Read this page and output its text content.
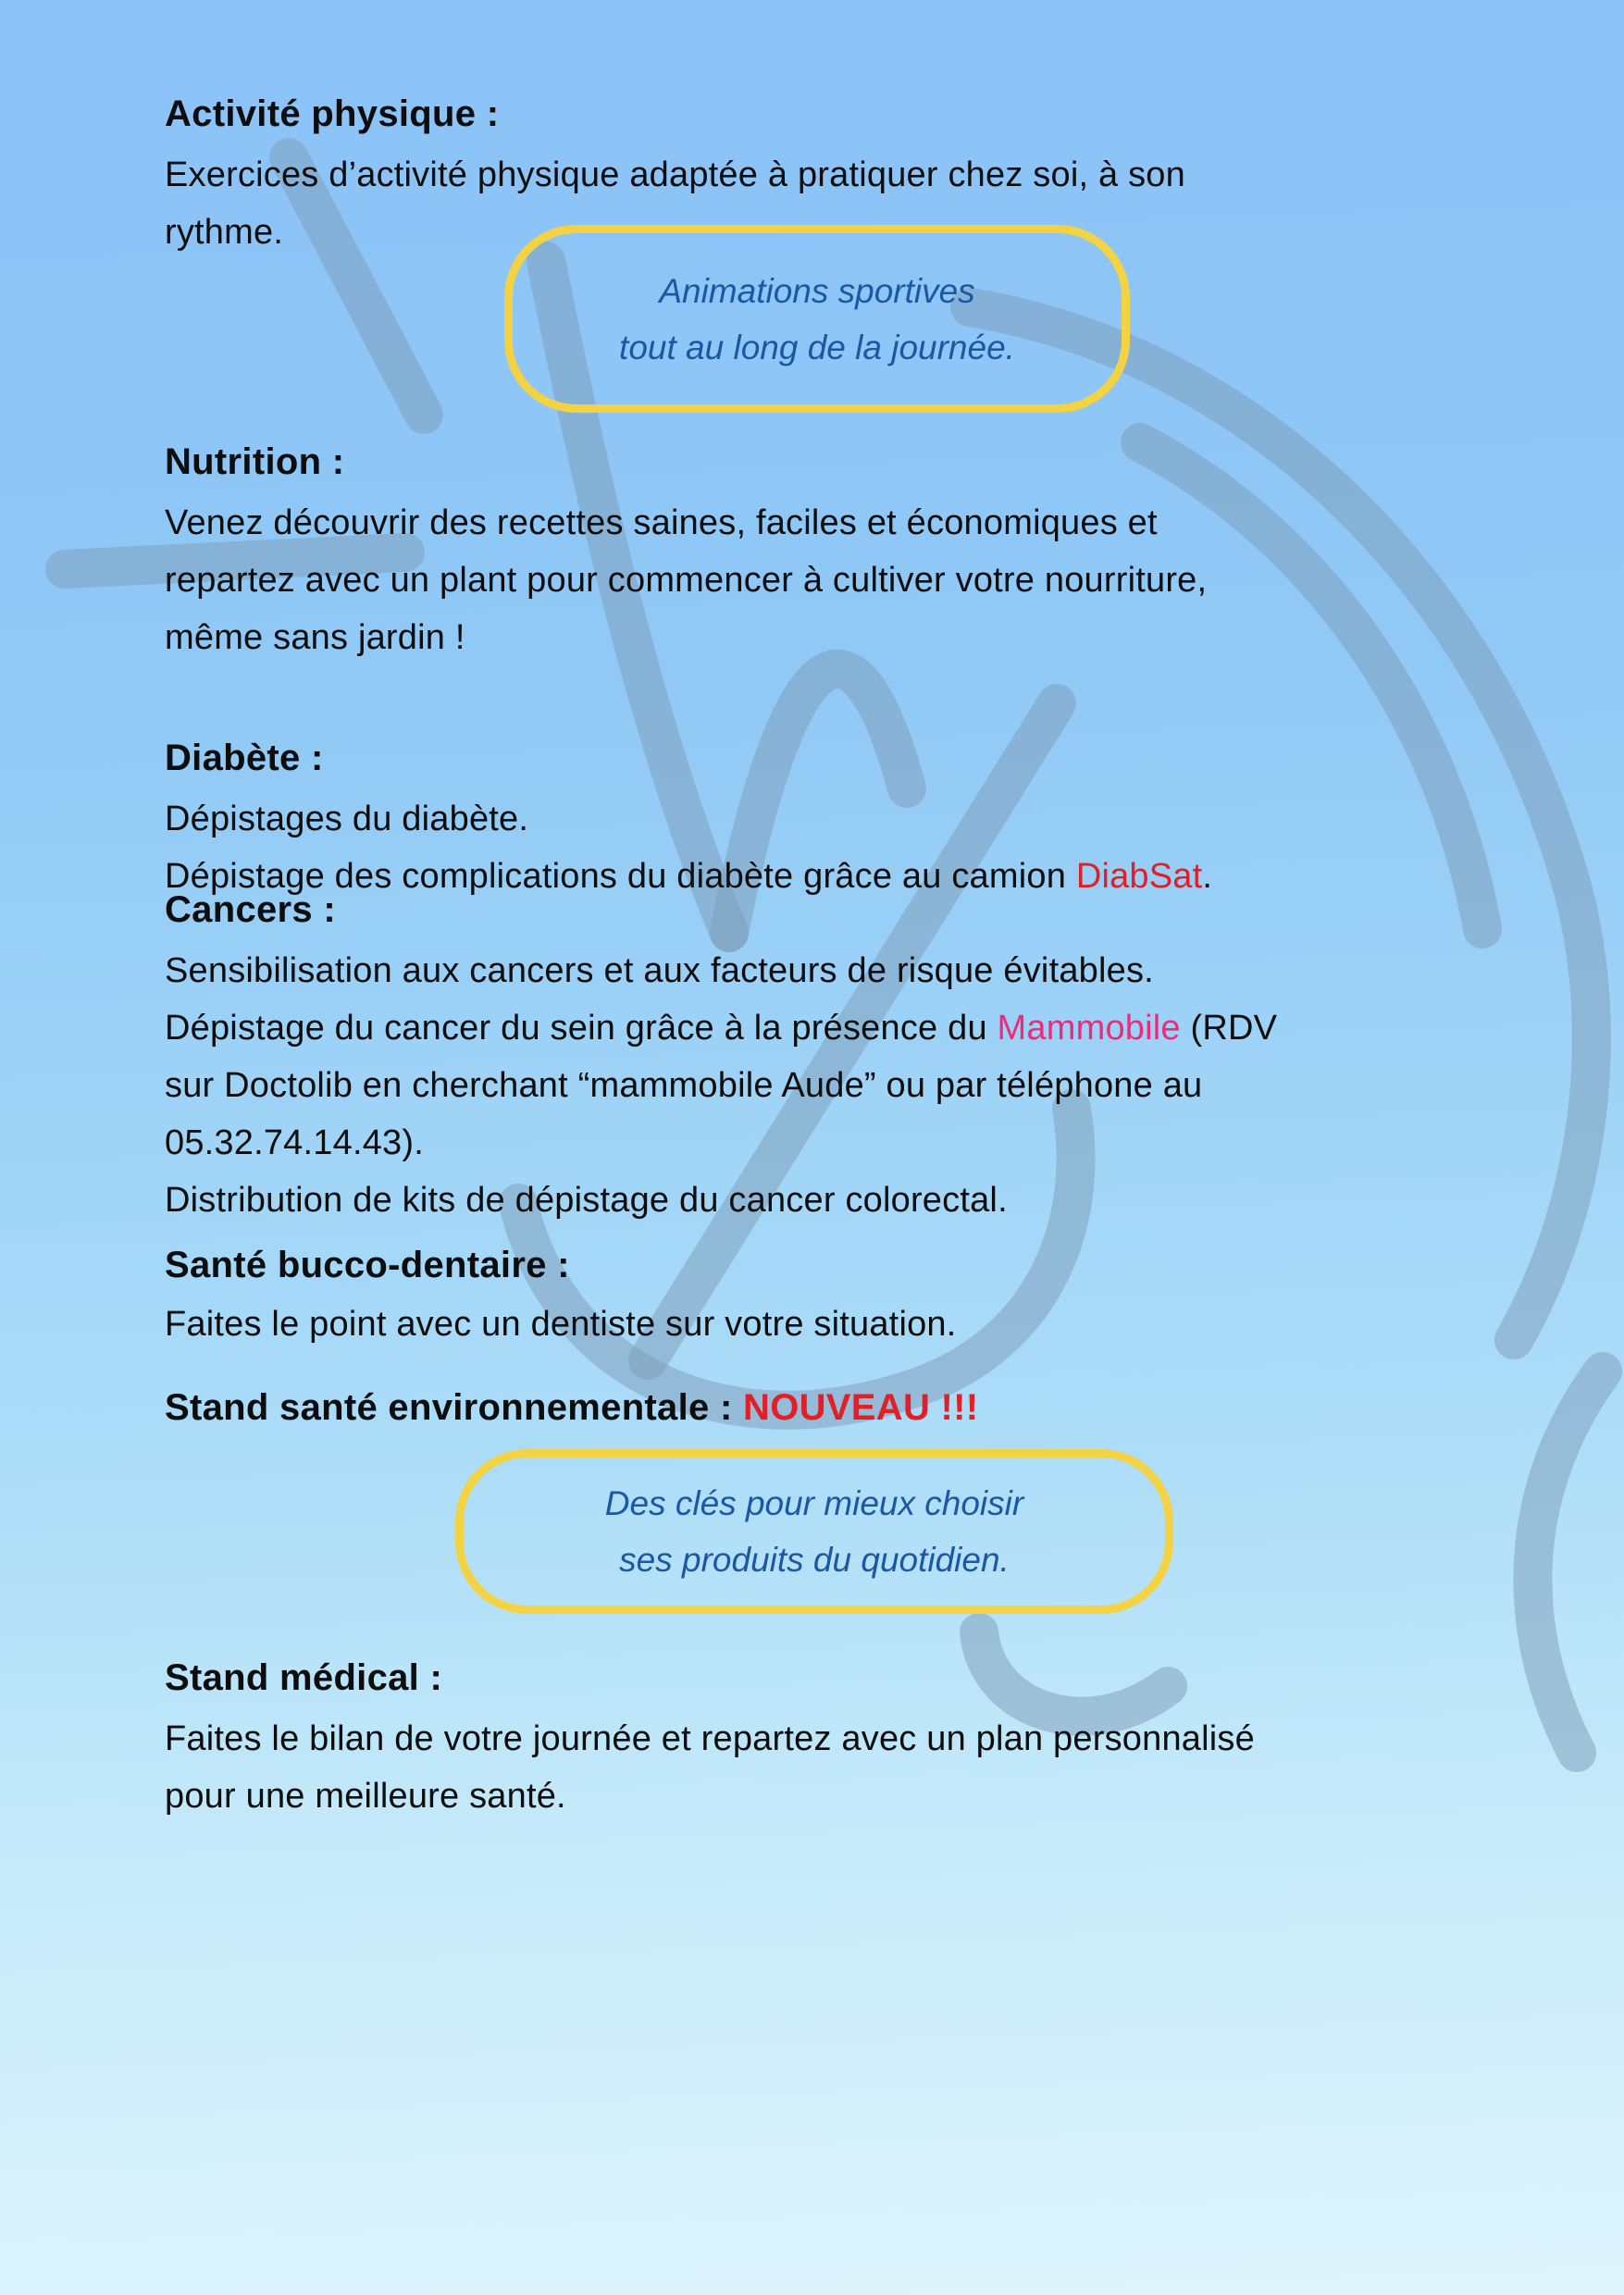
Activité physique :
Exercices d’activité physique adaptée à pratiquer chez soi, à son
rythme.
Animations sportives
tout au long de la journée.
Nutrition :
Venez découvrir des recettes saines, faciles et économiques et
repartez avec un plant pour commencer à cultiver votre nourriture,
même sans jardin !
Diabète :
Dépistages du diabète.
Dépistage des complications du diabète grâce au camion DiabSat.
Cancers :
Sensibilisation aux cancers et aux facteurs de risque évitables.
Dépistage du cancer du sein grâce à la présence du Mammobile (RDV
sur Doctolib en cherchant “mammobile Aude” ou par téléphone au
05.32.74.14.43).
Distribution de kits de dépistage du cancer colorectal.
Santé bucco-dentaire :
Faites le point avec un dentiste sur votre situation.
Stand santé environnementale : NOUVEAU !!!
Des clés pour mieux choisir
ses produits du quotidien.
Stand médical :
Faites le bilan de votre journée et repartez avec un plan personnalisé
pour une meilleure santé.
